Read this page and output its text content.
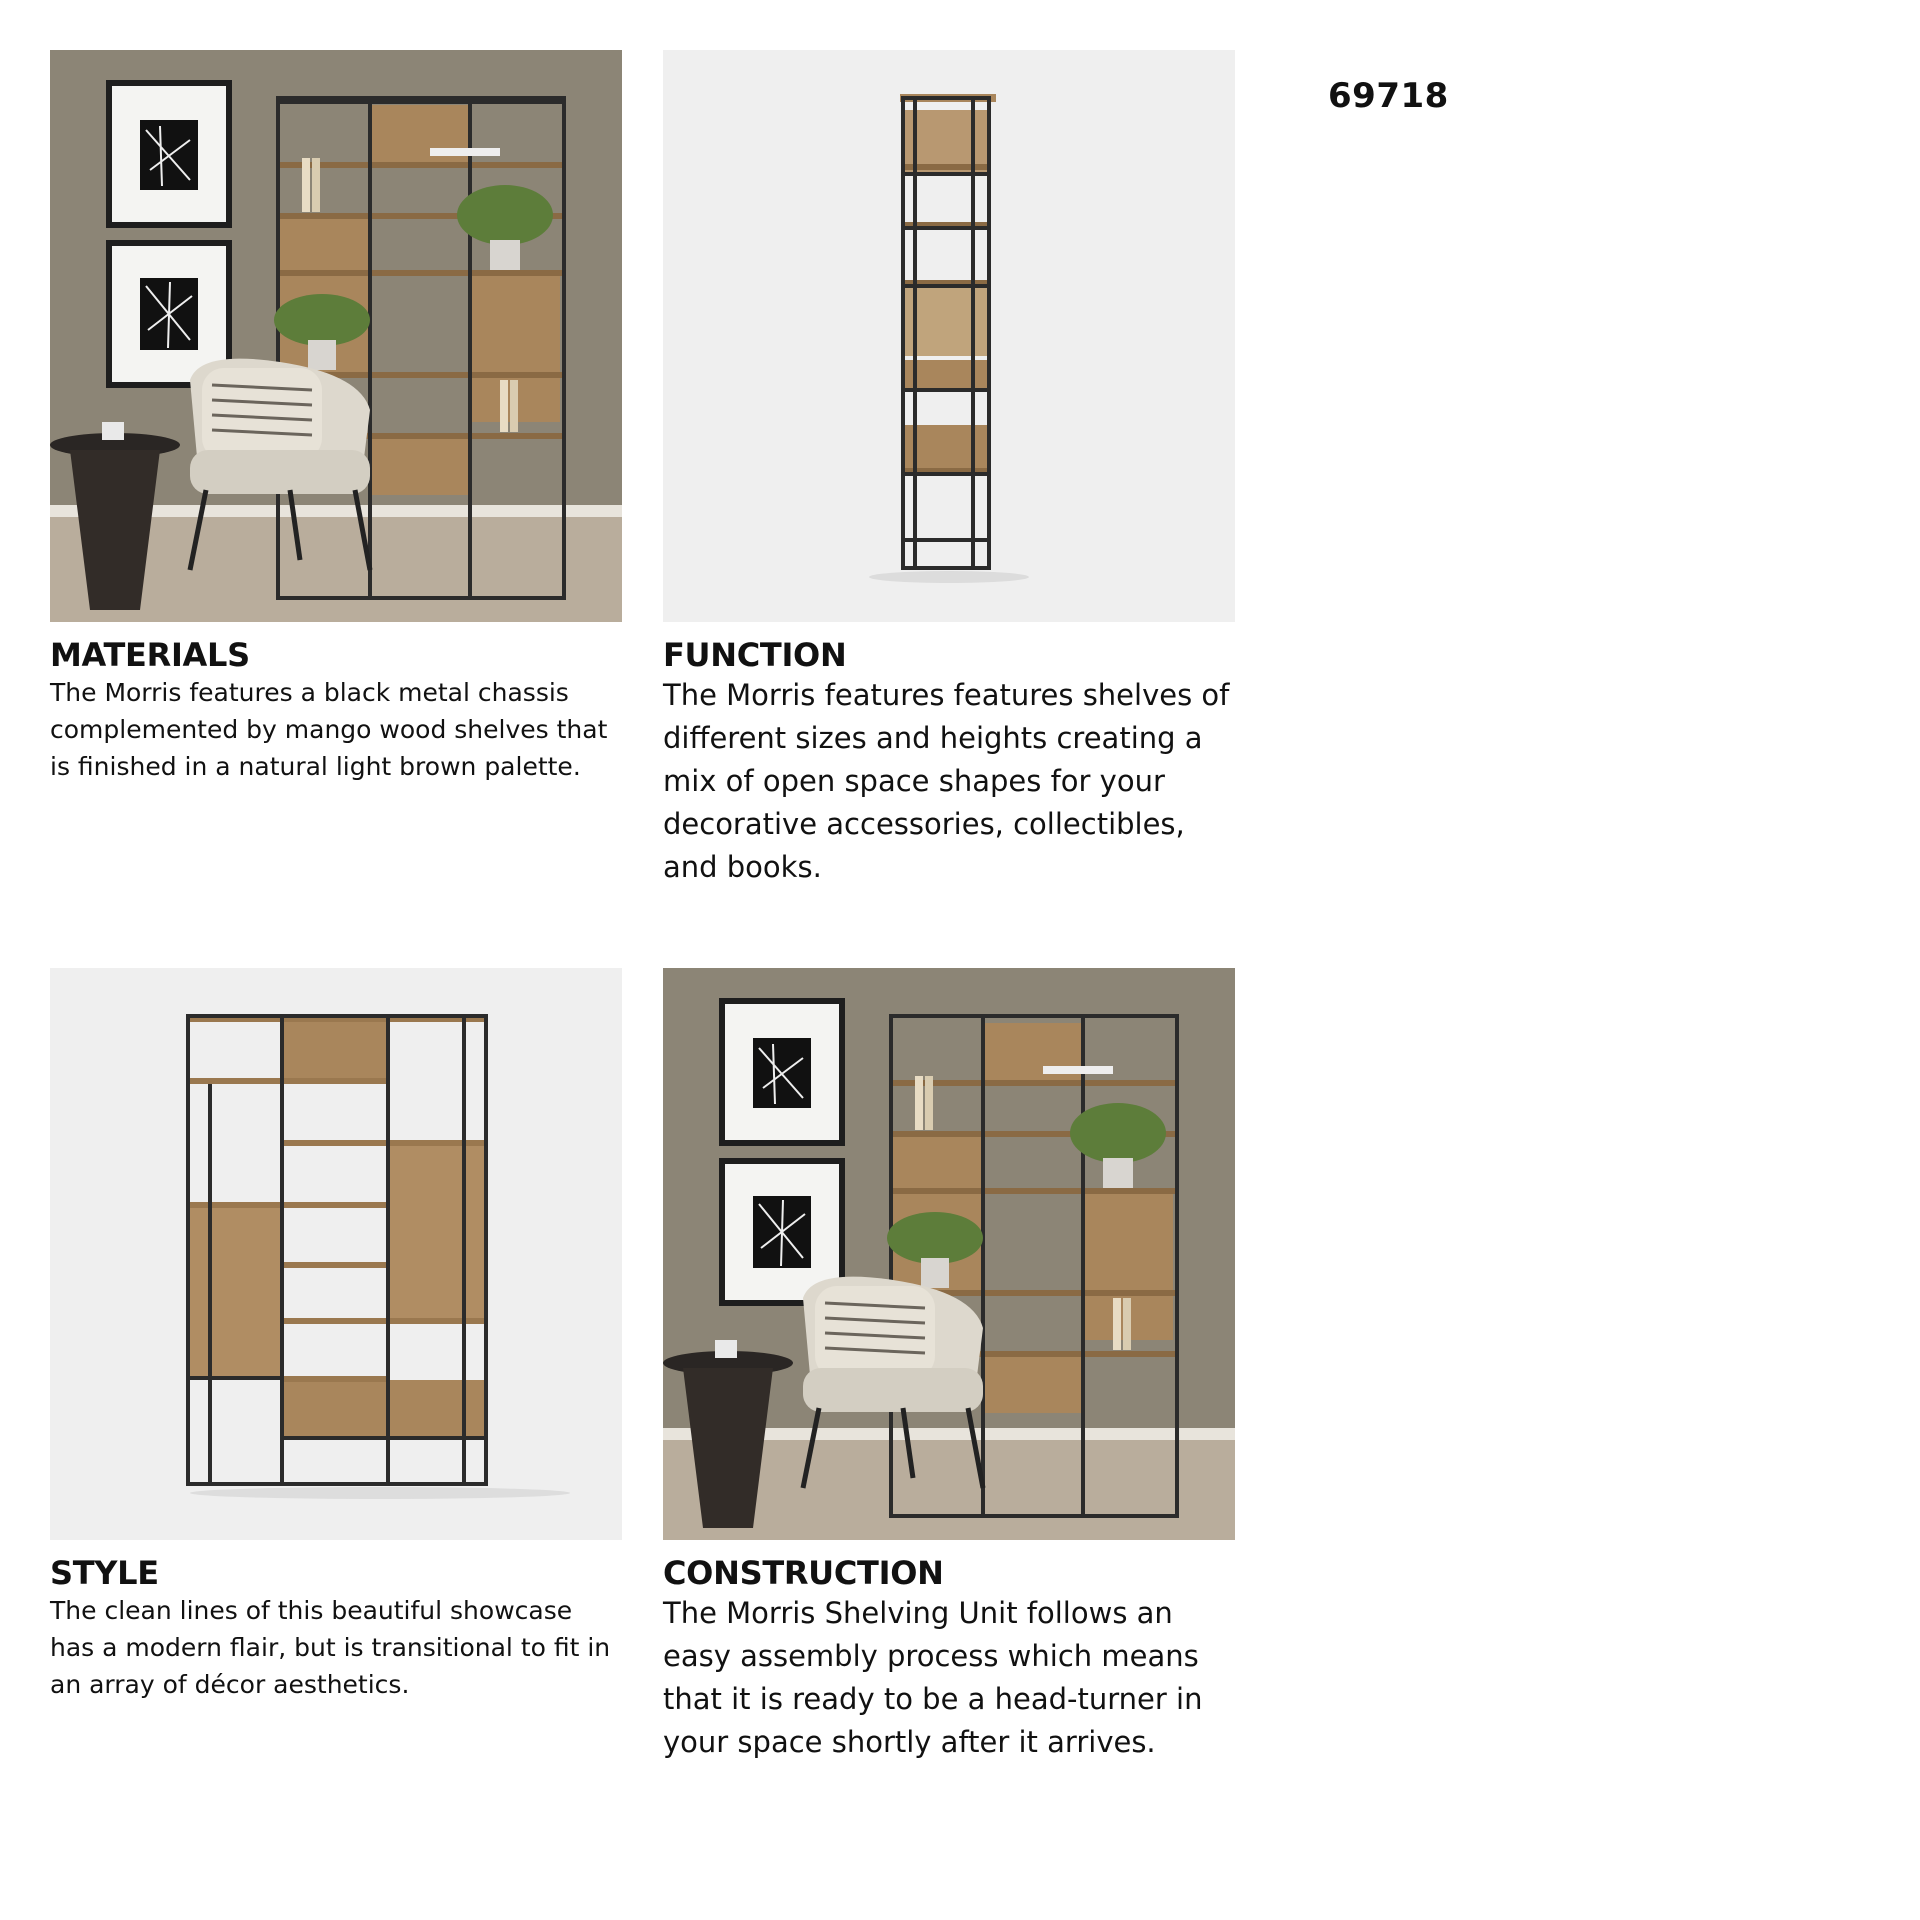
69718
MATERIALS

The Morris features a black metal chassis complemented by mango wood shelves that is finished in a natural light brown palette.

FUNCTION

The Morris features features shelves of different sizes and heights creating a mix of open space shapes for your decorative accessories, collectibles, and books.

STYLE

The clean lines of this beautiful showcase has a modern flair, but is transitional to fit in an array of décor aesthetics.

CONSTRUCTION

The Morris Shelving Unit follows an easy assembly process which means that it is ready to be a head-turner in your space shortly after it arrives.
